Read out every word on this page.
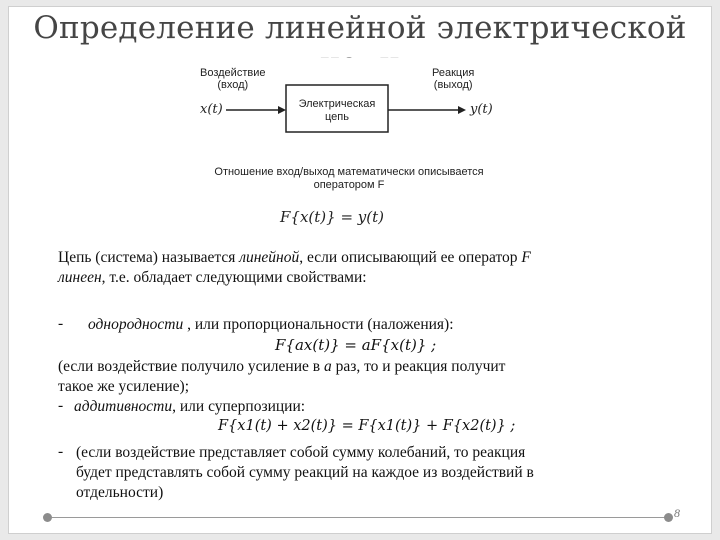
Определение линейной электрической
Воздействие
(вход)
Реакция
(выход)
Электрическая
цепь
x(t)	y(t)
Отношение вход/выход математически описывается
оператором F
F{x(t)} = y(t)
Цепь (система) называется линейной, если описывающий ее оператор F
линеен, т.е. обладает следующими свойствами:
- однородности , или пропорциональности (наложения):
F{ax(t)} = aF{x(t)} ;
(если воздействие получило усиление в a раз, то и реакция получит
такое же усиление);
- аддитивности, или суперпозиции:
F{x1(t) + x2(t)} = F{x1(t)} + F{x2(t)} ;
- (если воздействие представляет собой сумму колебаний, то реакция
будет представлять собой сумму реакций на каждое из воздействий в
отдельности)
8
